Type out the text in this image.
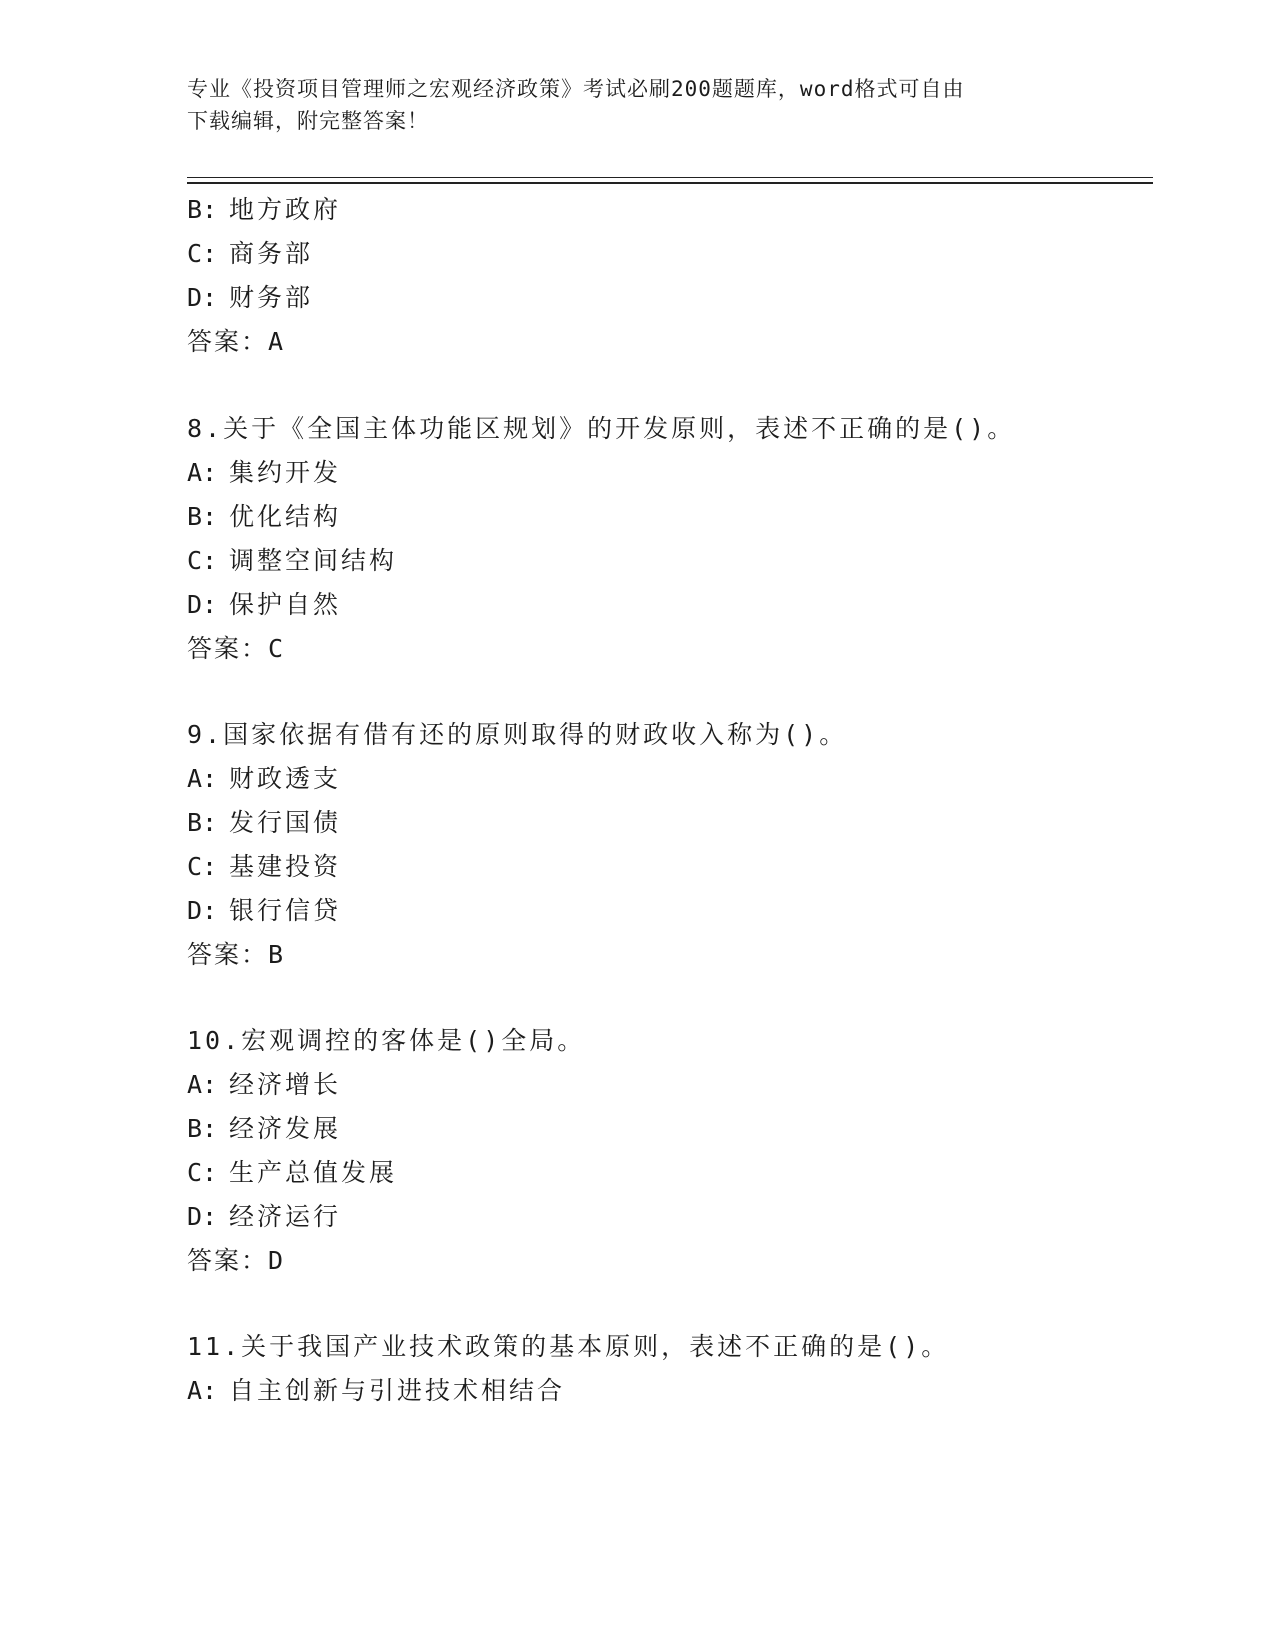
专业《投资项目管理师之宏观经济政策》考试必刷200题题库，word格式可自由
下载编辑，附完整答案！
B: 地方政府
C: 商务部
D: 财务部
答案：A
8.关于《全国主体功能区规划》的开发原则，表述不正确的是()。
A: 集约开发
B: 优化结构
C: 调整空间结构
D: 保护自然
答案：C
9.国家依据有借有还的原则取得的财政收入称为()。
A: 财政透支
B: 发行国债
C: 基建投资
D: 银行信贷
答案：B
10.宏观调控的客体是()全局。
A: 经济增长
B: 经济发展
C: 生产总值发展
D: 经济运行
答案：D
11.关于我国产业技术政策的基本原则，表述不正确的是()。
A: 自主创新与引进技术相结合
